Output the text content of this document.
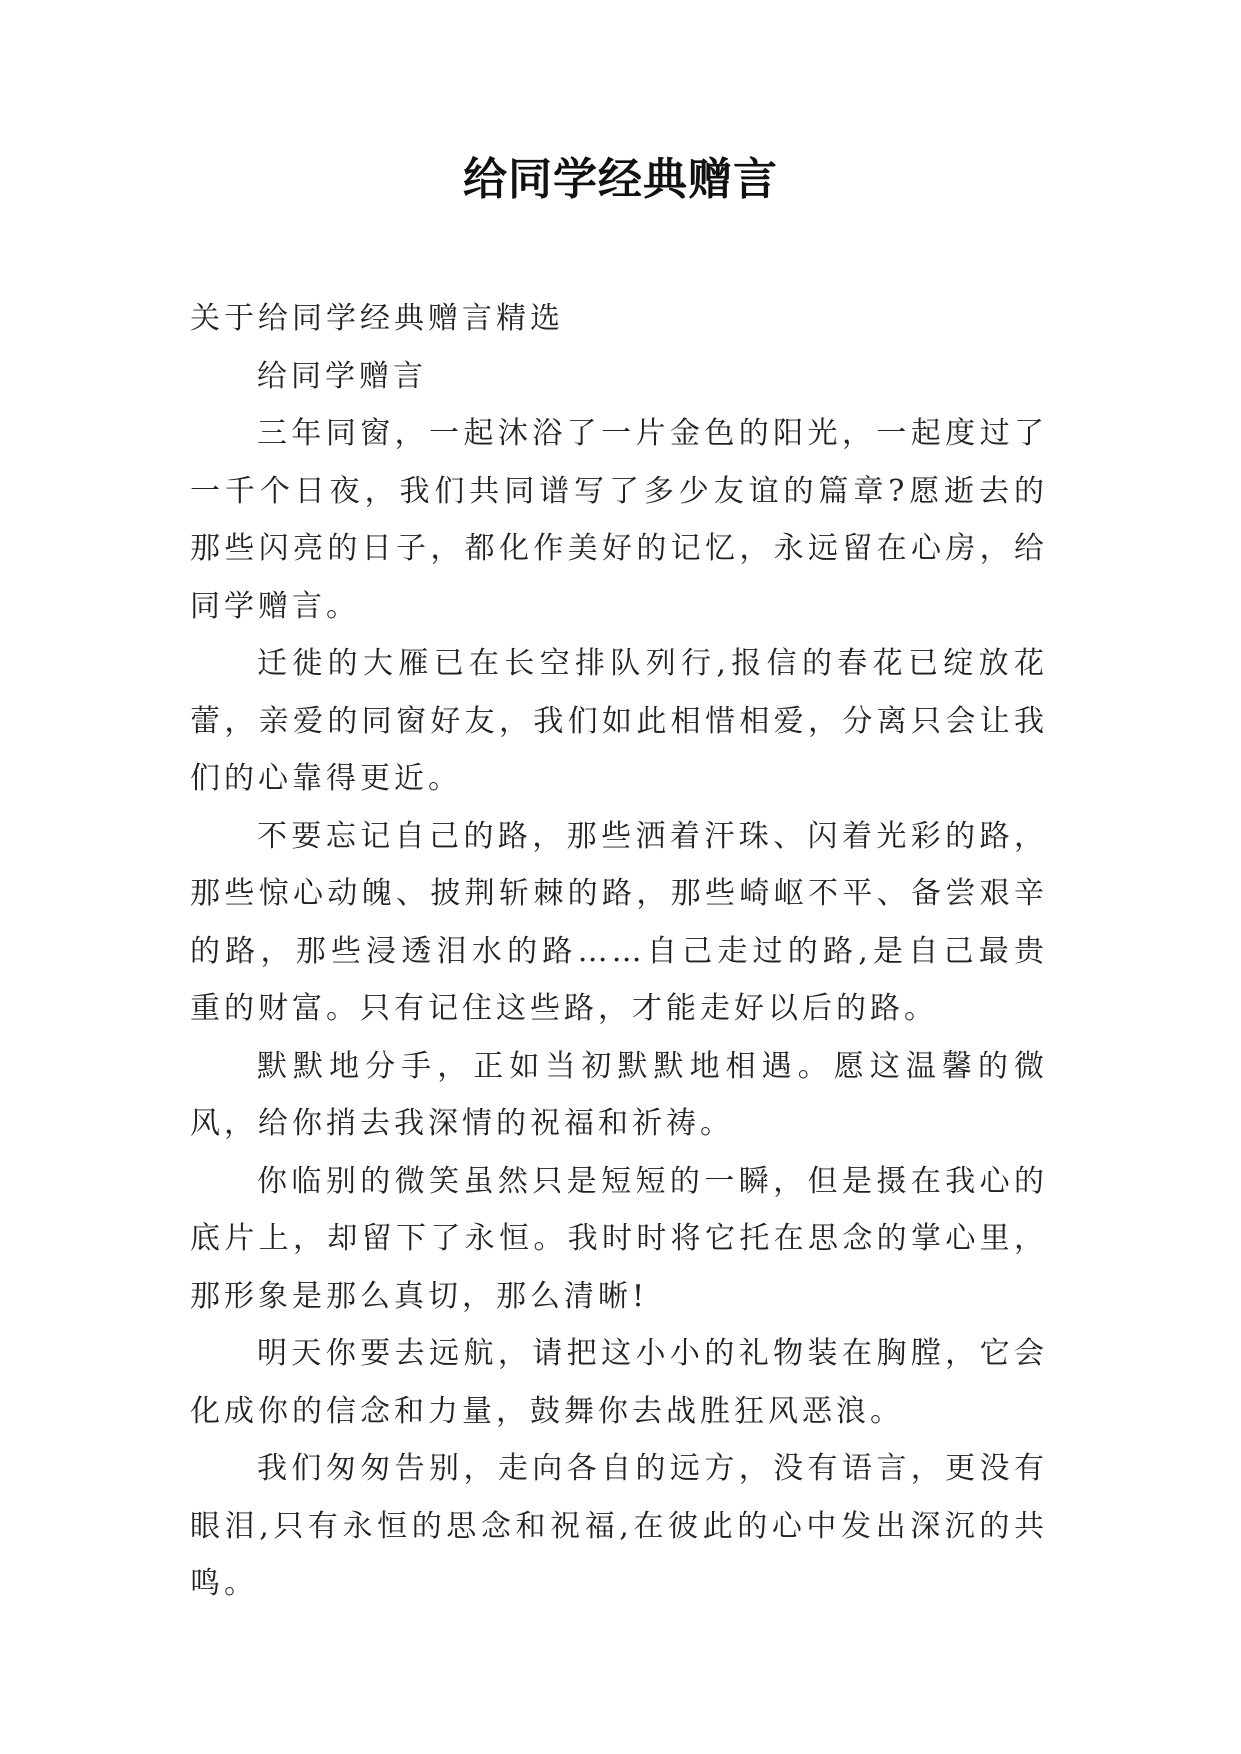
给同学经典赠言

关于给同学经典赠言精选

给同学赠言

三年同窗，一起沐浴了一片金色的阳光，一起度过了一千个日夜，我们共同谱写了多少友谊的篇章?愿逝去的那些闪亮的日子，都化作美好的记忆，永远留在心房，给同学赠言。

迁徙的大雁已在长空排队列行,报信的春花已绽放花蕾，亲爱的同窗好友，我们如此相惜相爱，分离只会让我们的心靠得更近。

不要忘记自己的路，那些洒着汗珠、闪着光彩的路，那些惊心动魄、披荆斩棘的路，那些崎岖不平、备尝艰辛的路，那些浸透泪水的路……自己走过的路,是自己最贵重的财富。只有记住这些路，才能走好以后的路。

默默地分手，正如当初默默地相遇。愿这温馨的微风，给你捎去我深情的祝福和祈祷。

你临别的微笑虽然只是短短的一瞬，但是摄在我心的底片上，却留下了永恒。我时时将它托在思念的掌心里，那形象是那么真切，那么清晰!

明天你要去远航，请把这小小的礼物装在胸膛，它会化成你的信念和力量，鼓舞你去战胜狂风恶浪。

我们匆匆告别，走向各自的远方，没有语言，更没有眼泪,只有永恒的思念和祝福,在彼此的心中发出深沉的共鸣。
